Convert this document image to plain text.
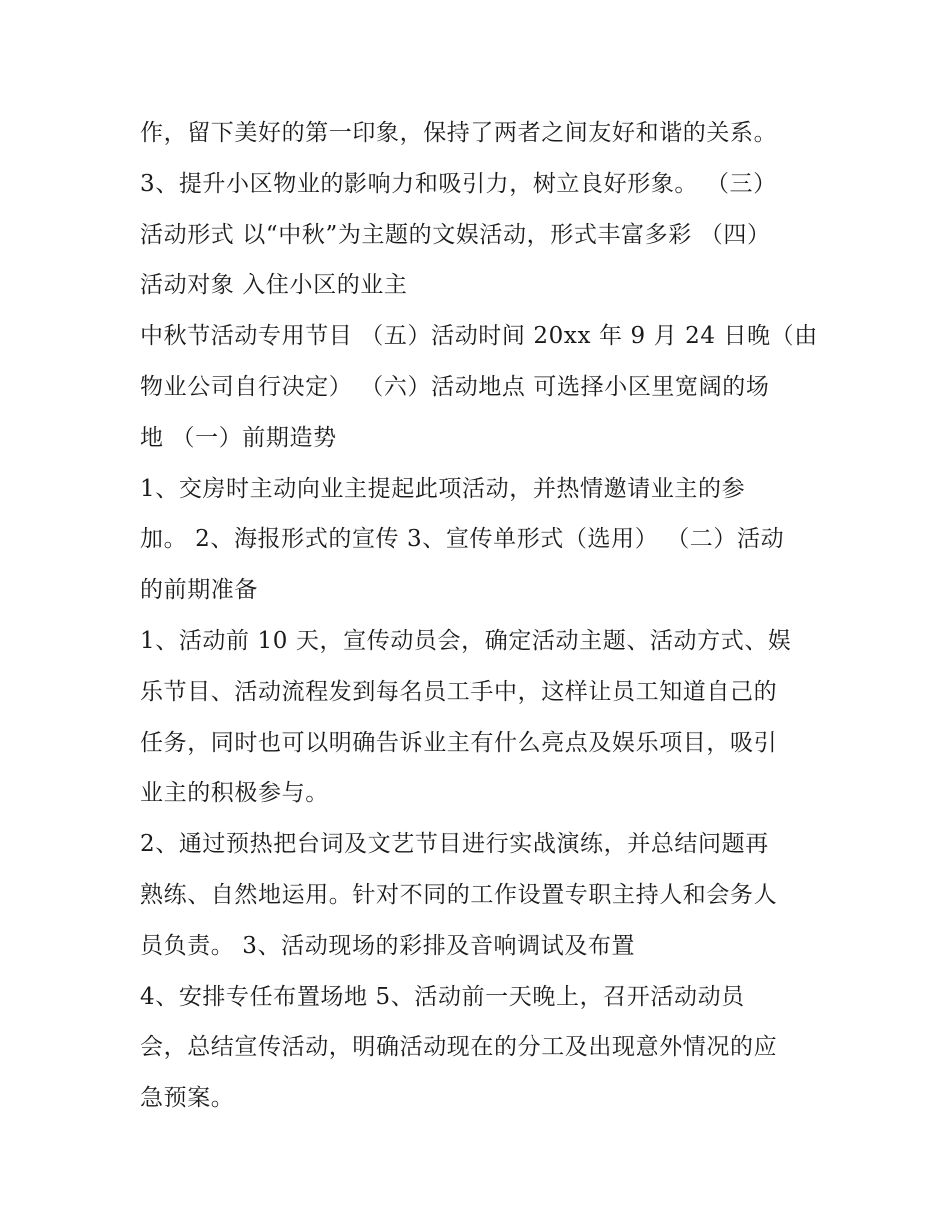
作，留下美好的第一印象，保持了两者之间友好和谐的关系。
3、提升小区物业的影响力和吸引力，树立良好形象。 （三）
活动形式 以“中秋”为主题的文娱活动，形式丰富多彩 （四）
活动对象 入住小区的业主
中秋节活动专用节目 （五）活动时间 20xx 年 9 月 24 日晚（由
物业公司自行决定） （六）活动地点 可选择小区里宽阔的场
地 （一）前期造势
1、交房时主动向业主提起此项活动，并热情邀请业主的参
加。 2、海报形式的宣传 3、宣传单形式（选用） （二）活动
的前期准备
1、活动前 10 天，宣传动员会，确定活动主题、活动方式、娱
乐节目、活动流程发到每名员工手中，这样让员工知道自己的
任务，同时也可以明确告诉业主有什么亮点及娱乐项目，吸引
业主的积极参与。
2、通过预热把台词及文艺节目进行实战演练，并总结问题再
熟练、自然地运用。针对不同的工作设置专职主持人和会务人
员负责。 3、活动现场的彩排及音响调试及布置
4、安排专任布置场地 5、活动前一天晚上，召开活动动员
会，总结宣传活动，明确活动现在的分工及出现意外情况的应
急预案。
